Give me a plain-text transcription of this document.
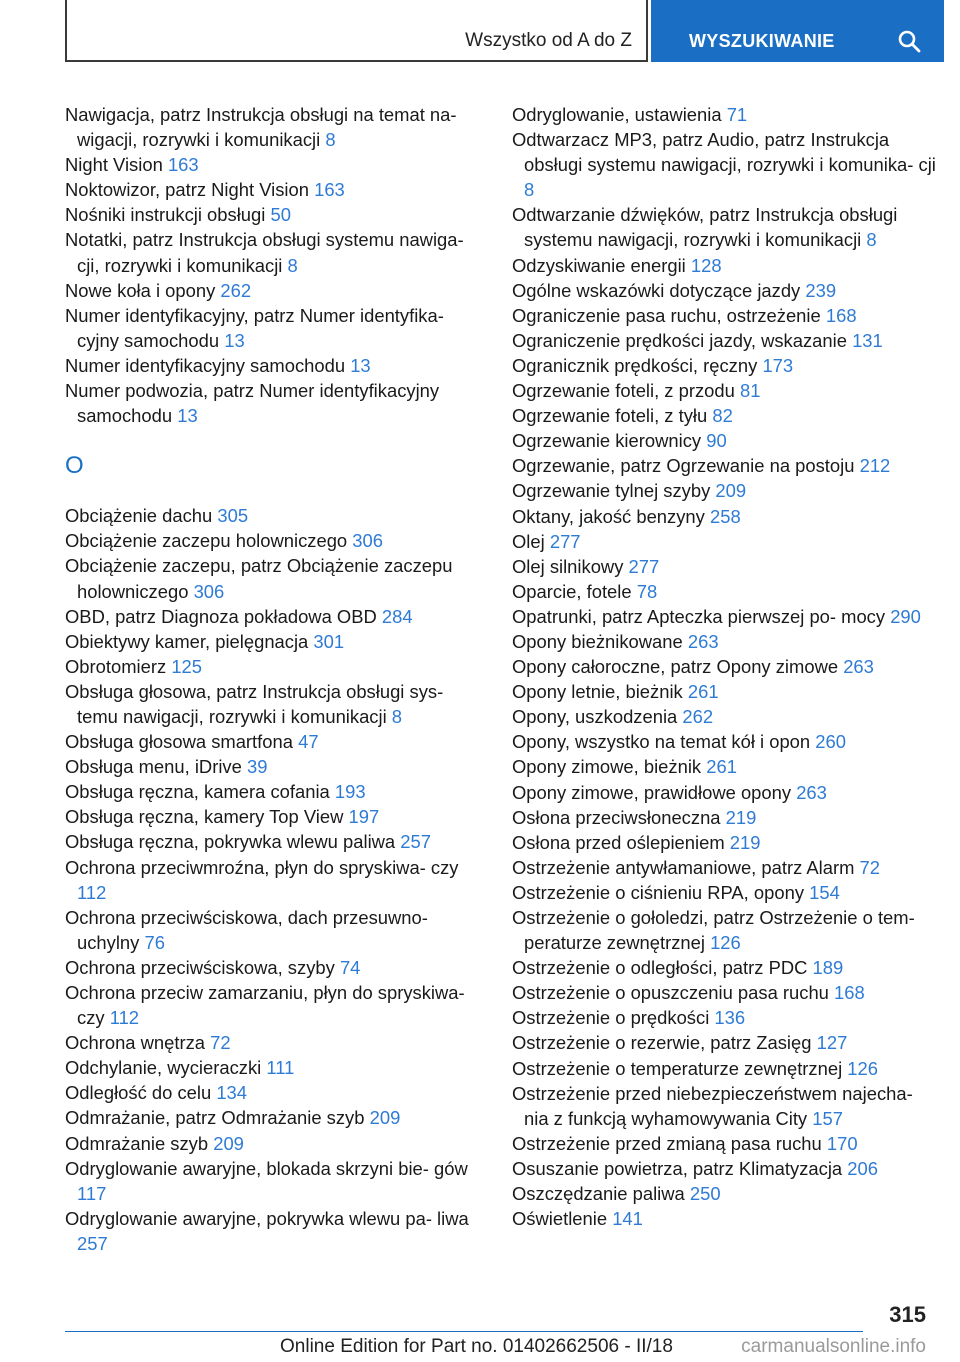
Wszystko od A do Z	WYSZUKIWANIE

Nawigacja, patrz Instrukcja obsługi na temat na‐ wigacji, rozrywki i komunikacji 8

Night Vision 163

Noktowizor, patrz Night Vision 163

Nośniki instrukcji obsługi 50

Notatki, patrz Instrukcja obsługi systemu nawiga‐ cji, rozrywki i komunikacji 8

Nowe koła i opony 262

Numer identyfikacyjny, patrz Numer identyfika‐ cyjny samochodu 13

Numer identyfikacyjny samochodu 13

Numer podwozia, patrz Numer identyfikacyjny samochodu 13

O

Obciążenie dachu 305

Obciążenie zaczepu holowniczego 306

Obciążenie zaczepu, patrz Obciążenie zaczepu holowniczego 306

OBD, patrz Diagnoza pokładowa OBD 284

Obiektywy kamer, pielęgnacja 301

Obrotomierz 125

Obsługa głosowa, patrz Instrukcja obsługi sys‐ temu nawigacji, rozrywki i komunikacji 8

Obsługa głosowa smartfona 47

Obsługa menu, iDrive 39

Obsługa ręczna, kamera cofania 193

Obsługa ręczna, kamery Top View 197

Obsługa ręczna, pokrywka wlewu paliwa 257

Ochrona przeciwmroźna, płyn do spryskiwa‐ czy 112

Ochrona przeciwściskowa, dach przesuwno‐ uchylny 76

Ochrona przeciwściskowa, szyby 74

Ochrona przeciw zamarzaniu, płyn do spryskiwa‐ czy 112

Ochrona wnętrza 72

Odchylanie, wycieraczki 111

Odległość do celu 134

Odmrażanie, patrz Odmrażanie szyb 209

Odmrażanie szyb 209

Odryglowanie awaryjne, blokada skrzyni bie‐ gów 117

Odryglowanie awaryjne, pokrywka wlewu pa‐ liwa 257

Odryglowanie, ustawienia 71

Odtwarzacz MP3, patrz Audio, patrz Instrukcja obsługi systemu nawigacji, rozrywki i komunika‐ cji 8

Odtwarzanie dźwięków, patrz Instrukcja obsługi systemu nawigacji, rozrywki i komunikacji 8

Odzyskiwanie energii 128

Ogólne wskazówki dotyczące jazdy 239

Ograniczenie pasa ruchu, ostrzeżenie 168

Ograniczenie prędkości jazdy, wskazanie 131

Ogranicznik prędkości, ręczny 173

Ogrzewanie foteli, z przodu 81

Ogrzewanie foteli, z tyłu 82

Ogrzewanie kierownicy 90

Ogrzewanie, patrz Ogrzewanie na postoju 212

Ogrzewanie tylnej szyby 209

Oktany, jakość benzyny 258

Olej 277

Olej silnikowy 277

Oparcie, fotele 78

Opatrunki, patrz Apteczka pierwszej po‐ mocy 290

Opony bieżnikowane 263

Opony całoroczne, patrz Opony zimowe 263

Opony letnie, bieżnik 261

Opony, uszkodzenia 262

Opony, wszystko na temat kół i opon 260

Opony zimowe, bieżnik 261

Opony zimowe, prawidłowe opony 263

Osłona przeciwsłoneczna 219

Osłona przed oślepieniem 219

Ostrzeżenie antywłamaniowe, patrz Alarm 72

Ostrzeżenie o ciśnieniu RPA, opony 154

Ostrzeżenie o gołoledzi, patrz Ostrzeżenie o tem‐ peraturze zewnętrznej 126

Ostrzeżenie o odległości, patrz PDC 189

Ostrzeżenie o opuszczeniu pasa ruchu 168

Ostrzeżenie o prędkości 136

Ostrzeżenie o rezerwie, patrz Zasięg 127

Ostrzeżenie o temperaturze zewnętrznej 126

Ostrzeżenie przed niebezpieczeństwem najecha‐ nia z funkcją wyhamowywania City 157

Ostrzeżenie przed zmianą pasa ruchu 170

Osuszanie powietrza, patrz Klimatyzacja 206

Oszczędzanie paliwa 250

Oświetlenie 141

315
Online Edition for Part no. 01402662506 - II/18	carmanualsonline.info
